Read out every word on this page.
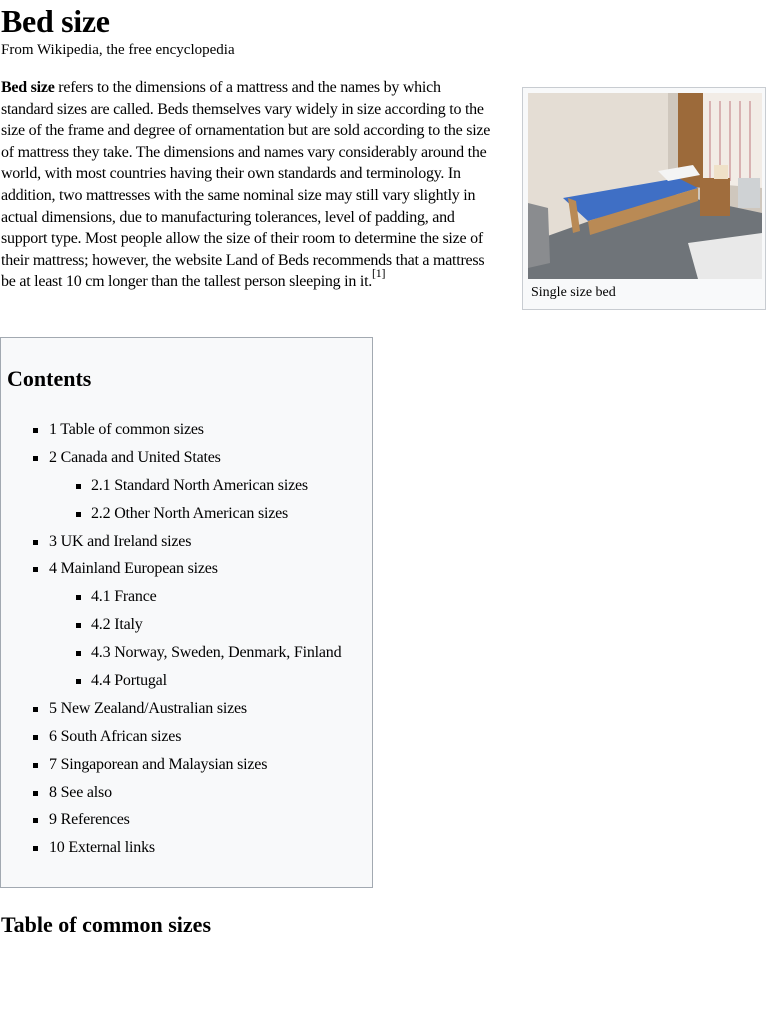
Bed size
From Wikipedia, the free encyclopedia

Bed size refers to the dimensions of a mattress and the names by which standard sizes are called. Beds themselves vary widely in size according to the size of the frame and degree of ornamentation but are sold according to the size of mattress they take. The dimensions and names vary considerably around the world, with most countries having their own standards and terminology. In addition, two mattresses with the same nominal size may still vary slightly in actual dimensions, due to manufacturing tolerances, level of padding, and support type. Most people allow the size of their room to determine the size of their mattress; however, the website Land of Beds recommends that a mattress be at least 10 cm longer than the tallest person sleeping in it.[1]

Single size bed
Contents
1 Table of common sizes
2 Canada and United States
2.1 Standard North American sizes
2.2 Other North American sizes
3 UK and Ireland sizes
4 Mainland European sizes
4.1 France
4.2 Italy
4.3 Norway, Sweden, Denmark, Finland
4.4 Portugal
5 New Zealand/Australian sizes
6 South African sizes
7 Singaporean and Malaysian sizes
8 See also
9 References
10 External links
Table of common sizes
